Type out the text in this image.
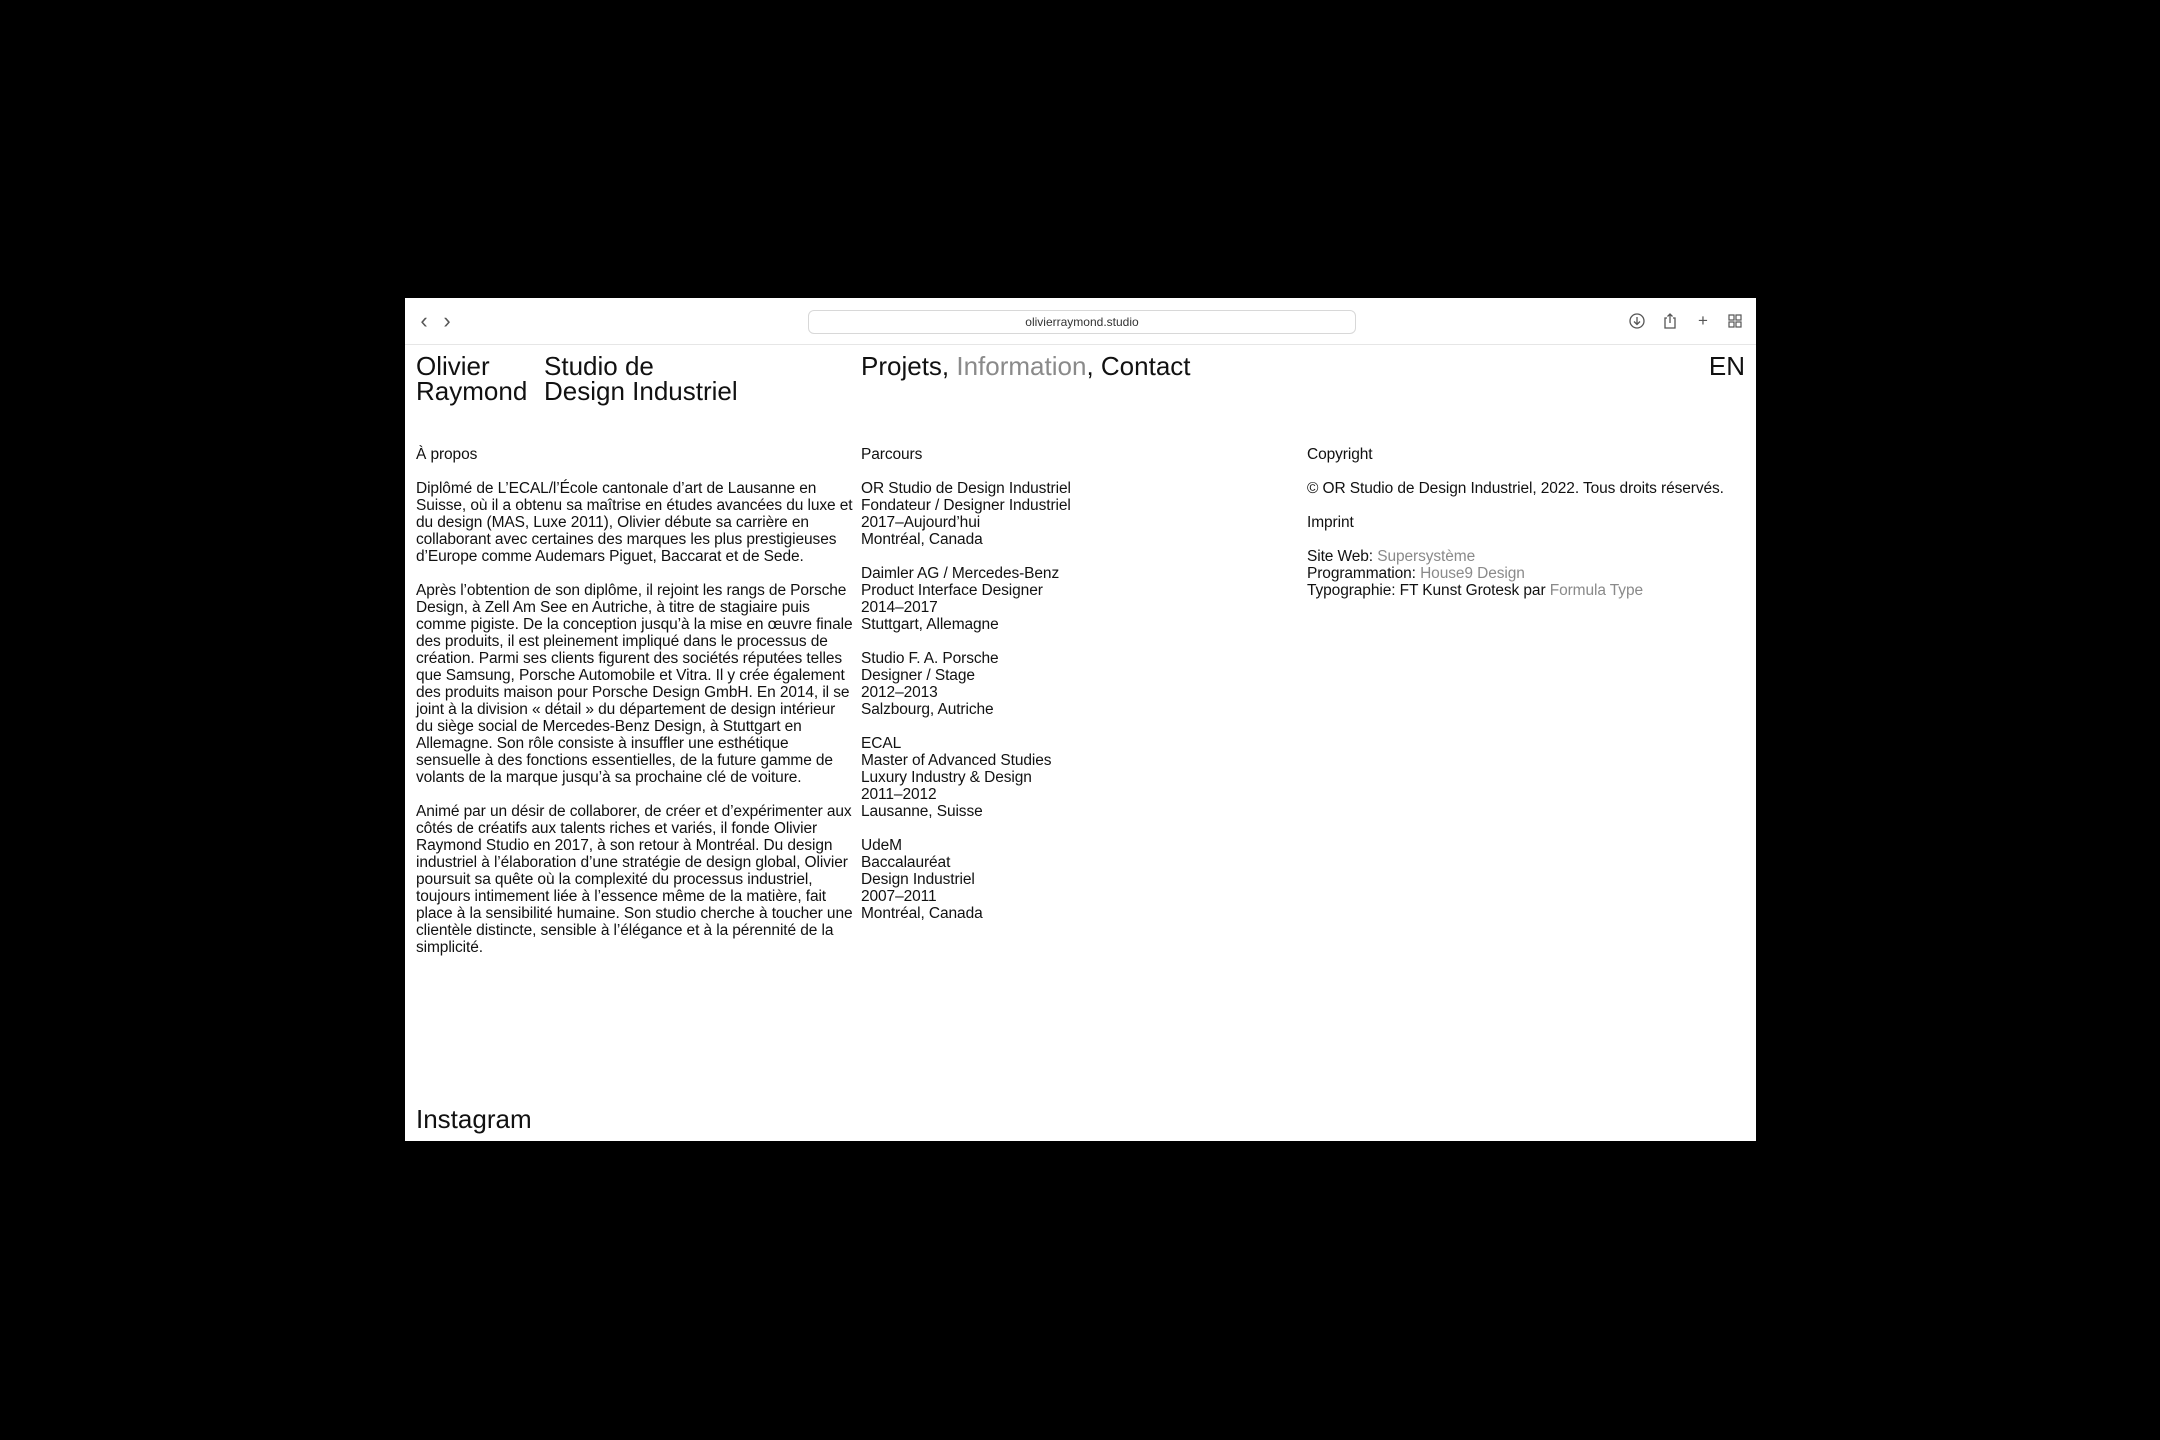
‹ ›	olivierraymond.studio	+
Olivier
Raymond
Studio de
Design Industriel
Projets, Information, Contact	EN
À propos

Diplômé de L’ECAL/l’École cantonale d’art de Lausanne en Suisse, où il a obtenu sa maîtrise en études avancées du luxe et du design (MAS, Luxe 2011), Olivier débute sa carrière en collaborant avec certaines des marques les plus prestigieuses d’Europe comme Audemars Piguet, Baccarat et de Sede.

Après l’obtention de son diplôme, il rejoint les rangs de Porsche Design, à Zell Am See en Autriche, à titre de stagiaire puis comme pigiste. De la conception jusqu’à la mise en œuvre finale des produits, il est pleinement impliqué dans le processus de création. Parmi ses clients figurent des sociétés réputées telles que Samsung, Porsche Automobile et Vitra. Il y crée également des produits maison pour Porsche Design GmbH. En 2014, il se joint à la division « détail » du département de design intérieur du siège social de Mercedes-Benz Design, à Stuttgart en Allemagne. Son rôle consiste à insuffler une esthétique sensuelle à des fonctions essentielles, de la future gamme de volants de la marque jusqu’à sa prochaine clé de voiture.

Animé par un désir de collaborer, de créer et d’expérimenter aux côtés de créatifs aux talents riches et variés, il fonde Olivier Raymond Studio en 2017, à son retour à Montréal. Du design industriel à l’élaboration d’une stratégie de design global, Olivier poursuit sa quête où la complexité du processus industriel, toujours intimement liée à l’essence même de la matière, fait place à la sensibilité humaine. Son studio cherche à toucher une clientèle distincte, sensible à l’élégance et à la pérennité de la simplicité.

Parcours
OR Studio de Design Industriel
Fondateur / Designer Industriel
2017–Aujourd’hui
Montréal, Canada
Daimler AG / Mercedes-Benz
Product Interface Designer
2014–2017
Stuttgart, Allemagne
Studio F. A. Porsche
Designer / Stage
2012–2013
Salzbourg, Autriche
ECAL
Master of Advanced Studies
Luxury Industry & Design
2011–2012
Lausanne, Suisse
UdeM
Baccalauréat
Design Industriel
2007–2011
Montréal, Canada
Copyright

© OR Studio de Design Industriel, 2022. Tous droits réservés.

Imprint
Site Web: Supersystème
Programmation: House9 Design
Typographie: FT Kunst Grotesk par Formula Type
Instagram
